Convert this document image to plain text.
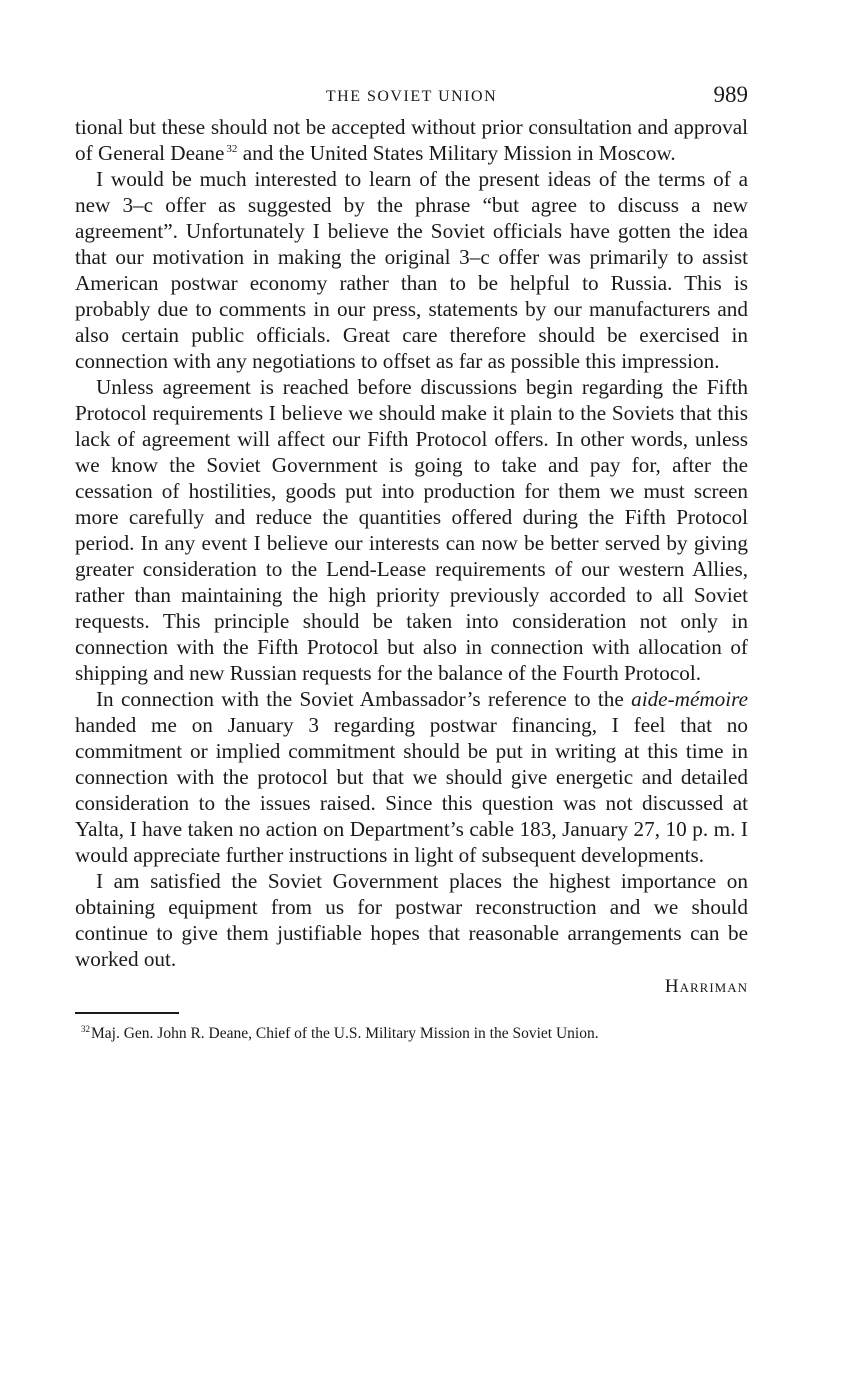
THE SOVIET UNION	989

tional but these should not be accepted without prior consultation and approval of General Deane $^{32}$ and the United States Military Mission in Moscow.

I would be much interested to learn of the present ideas of the terms of a new 3–c offer as suggested by the phrase “but agree to discuss a new agreement”. Unfortunately I believe the Soviet officials have gotten the idea that our motivation in making the original 3–c offer was primarily to assist American postwar economy rather than to be helpful to Russia. This is probably due to comments in our press, statements by our manufacturers and also certain public officials. Great care therefore should be exercised in connection with any negotiations to offset as far as possible this impression.

Unless agreement is reached before discussions begin regarding the Fifth Protocol requirements I believe we should make it plain to the Soviets that this lack of agreement will affect our Fifth Protocol offers. In other words, unless we know the Soviet Government is going to take and pay for, after the cessation of hostilities, goods put into production for them we must screen more carefully and reduce the quantities offered during the Fifth Protocol period. In any event I believe our interests can now be better served by giving greater consideration to the Lend-Lease requirements of our western Allies, rather than maintaining the high priority previously accorded to all Soviet requests. This principle should be taken into consideration not only in connection with the Fifth Protocol but also in connection with allocation of shipping and new Russian requests for the balance of the Fourth Protocol.

In connection with the Soviet Ambassador’s reference to the aide-mémoire handed me on January 3 regarding postwar financing, I feel that no commitment or implied commitment should be put in writing at this time in connection with the protocol but that we should give energetic and detailed consideration to the issues raised. Since this question was not discussed at Yalta, I have taken no action on Department’s cable 183, January 27, 10 p. m. I would appreciate further instructions in light of subsequent developments.

I am satisfied the Soviet Government places the highest importance on obtaining equipment from us for postwar reconstruction and we should continue to give them justifiable hopes that reasonable arrangements can be worked out.

Harriman
$^{32}$Maj. Gen. John R. Deane, Chief of the U.S. Military Mission in the Soviet Union.
